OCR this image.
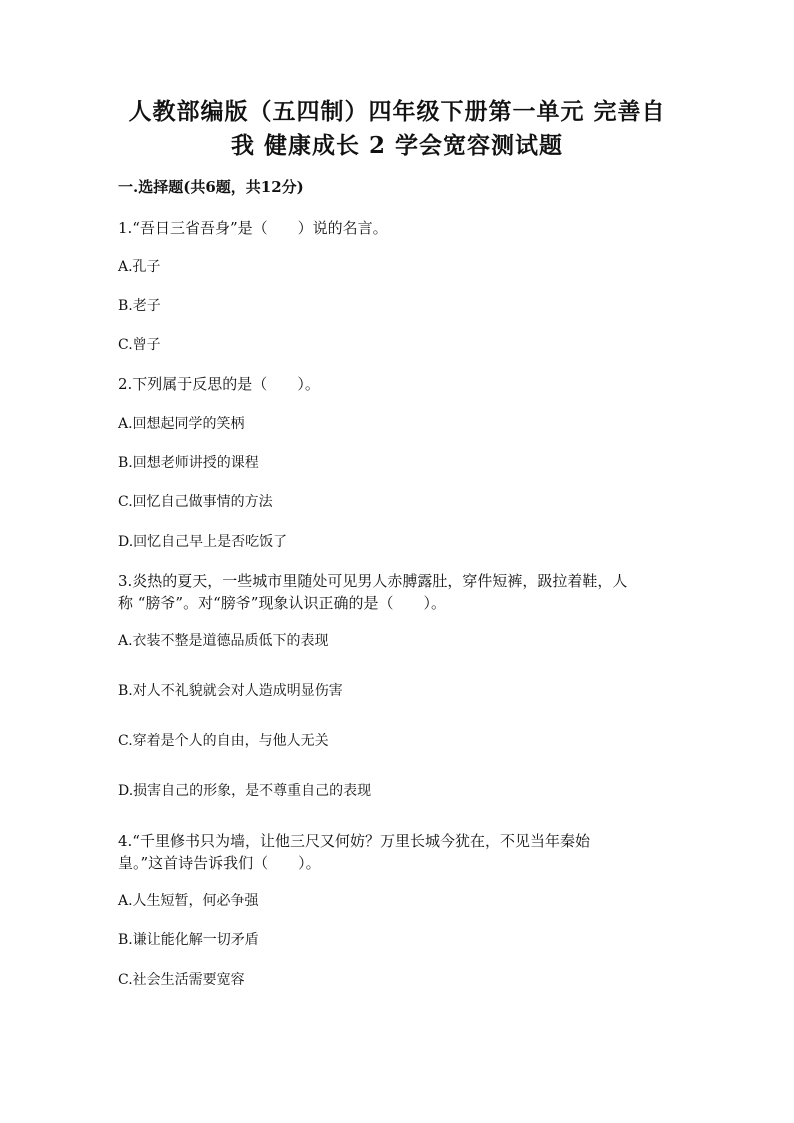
人教部编版（五四制）四年级下册第一单元 完善自
我 健康成长 2 学会宽容测试题
一.选择题(共6题，共12分)
1.“吾日三省吾身”是（　　）说的名言。
A.孔子
B.老子
C.曾子
2.下列属于反思的是（　　）。
A.回想起同学的笑柄
B.回想老师讲授的课程
C.回忆自己做事情的方法
D.回忆自己早上是否吃饭了
3.炎热的夏天，一些城市里随处可见男人赤膊露肚，穿件短裤，趿拉着鞋，人
称 “膀爷”。对“膀爷”现象认识正确的是（　　）。
A.衣装不整是道德品质低下的表现
B.对人不礼貌就会对人造成明显伤害
C.穿着是个人的自由，与他人无关
D.损害自己的形象，是不尊重自己的表现
4.“千里修书只为墙，让他三尺又何妨？万里长城今犹在，不见当年秦始
皇。”这首诗告诉我们（　　）。
A.人生短暂，何必争强
B.谦让能化解一切矛盾
C.社会生活需要宽容
